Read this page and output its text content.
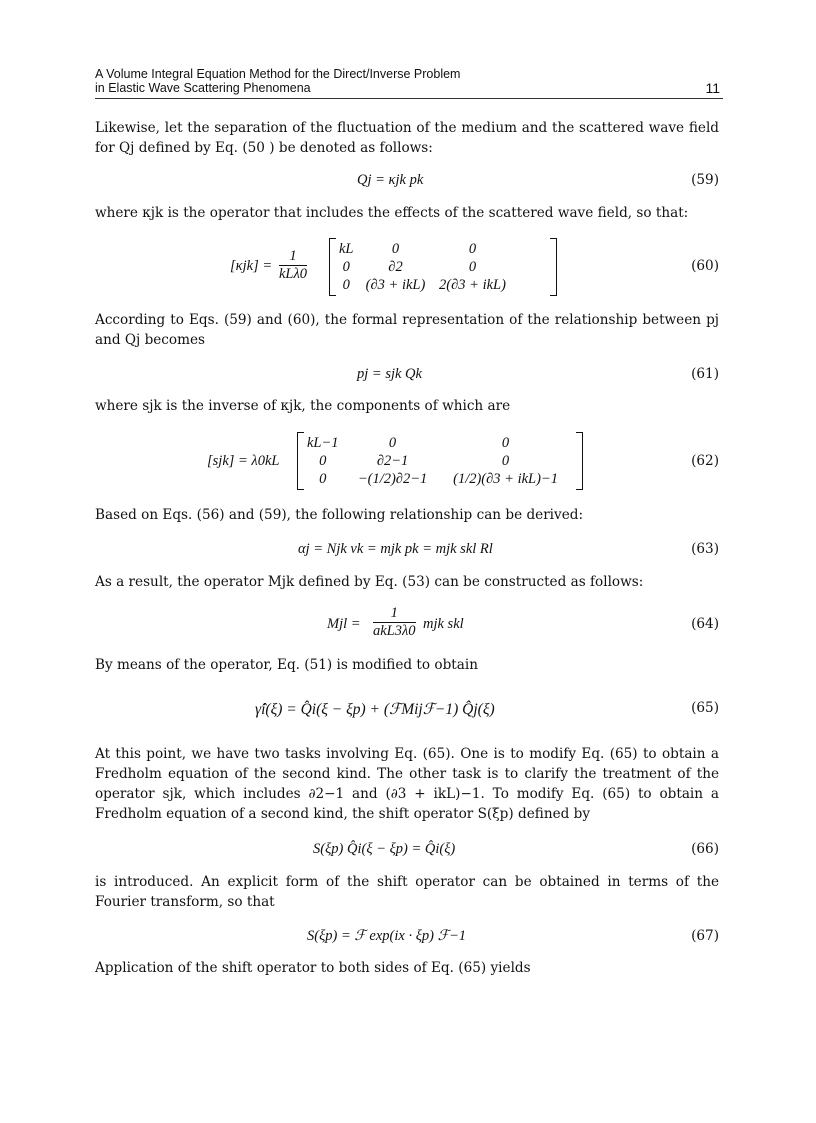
A Volume Integral Equation Method for the Direct/Inverse Problem
in Elastic Wave Scattering Phenomena	11
Likewise, let the separation of the fluctuation of the medium and the scattered wave field for Qj defined by Eq. (50 ) be denoted as follows:
Qj = κjk pk	(59)
where κjk is the operator that includes the effects of the scattered wave field, so that:
[κjk] =
1
kLλ0
kL	0	0
0	∂2	0
0	(∂3 + ikL)	2(∂3 + ikL)
(60)
According to Eqs. (59) and (60), the formal representation of the relationship between pj and Qj becomes
pj = sjk Qk	(61)
where sjk is the inverse of κjk, the components of which are
[sjk] = λ0kL
kL−1	0	0
0	∂2−1	0
0	−(1/2)∂2−1	(1/2)(∂3 + ikL)−1
(62)
Based on Eqs. (56) and (59), the following relationship can be derived:
αj = Njk vk = mjk pk = mjk skl Rl	(63)
As a result, the operator Mjk defined by Eq. (53) can be constructed as follows:
Mjl =
1
akL3λ0 mjk skl	(64)
By means of the operator, Eq. (51) is modified to obtain
γ̂i(ξ) = Q̂i(ξ − ξp) + (ℱMijℱ−1) Q̂j(ξ)	(65)
At this point, we have two tasks involving Eq. (65). One is to modify Eq. (65) to obtain a Fredholm equation of the second kind. The other task is to clarify the treatment of the operator sjk, which includes ∂2−1 and (∂3 + ikL)−1. To modify Eq. (65) to obtain a Fredholm equation of a second kind, the shift operator S(ξp) defined by
S(ξp) Q̂i(ξ − ξp) = Q̂i(ξ)	(66)
is introduced. An explicit form of the shift operator can be obtained in terms of the Fourier transform, so that
S(ξp) = ℱ exp(ix · ξp) ℱ−1	(67)
Application of the shift operator to both sides of Eq. (65) yields
